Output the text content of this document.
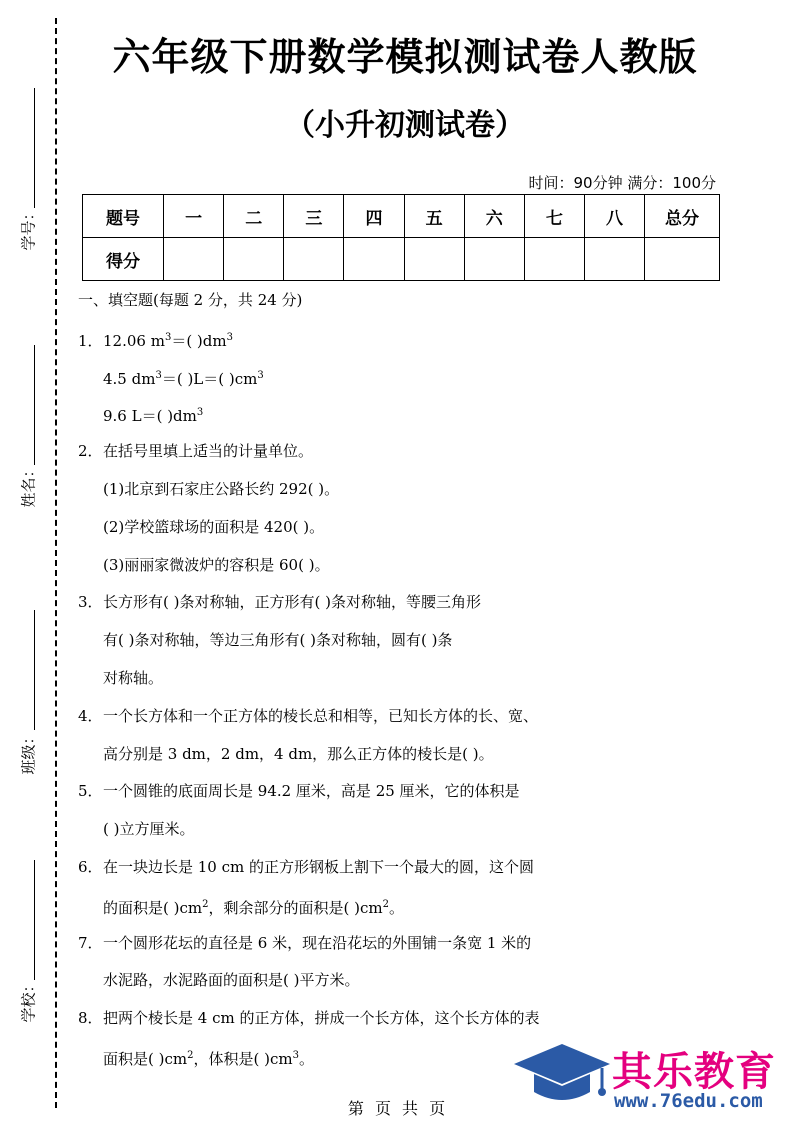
学号：
姓名：
班级：
学校：
六年级下册数学模拟测试卷人教版
（小升初测试卷）
时间：90分钟 满分：100分
题号	一	二	三	四	五	六	七	八	总分
得分									
一、填空题(每题 2 分，共 24 分)
1．12.06 $m^3=$( )$dm^3$
4.5 $dm^3=$( )L＝( )$cm^3$
9.6 L＝( )$dm^3$
2．在括号里填上适当的计量单位。
(1)北京到石家庄公路长约 292( )。
(2)学校篮球场的面积是 420( )。
(3)丽丽家微波炉的容积是 60( )。
3．长方形有( )条对称轴，正方形有( )条对称轴，等腰三角形
有( )条对称轴，等边三角形有( )条对称轴，圆有( )条
对称轴。
4．一个长方体和一个正方体的棱长总和相等，已知长方体的长、宽、
高分别是 3 dm，2 dm，4 dm，那么正方体的棱长是( )。
5．一个圆锥的底面周长是 94.2 厘米，高是 25 厘米，它的体积是
( )立方厘米。
6．在一块边长是 10 cm 的正方形钢板上割下一个最大的圆，这个圆
的面积是( )$cm^2$，剩余部分的面积是( )$cm^2$。
7．一个圆形花坛的直径是 6 米，现在沿花坛的外围铺一条宽 1 米的
水泥路，水泥路面的面积是( )平方米。
8．把两个棱长是 4 cm 的正方体，拼成一个长方体，这个长方体的表
面积是( )$cm^2$，体积是( )$cm^3$。
第 页 共 页
其乐教育
www.76edu.com
